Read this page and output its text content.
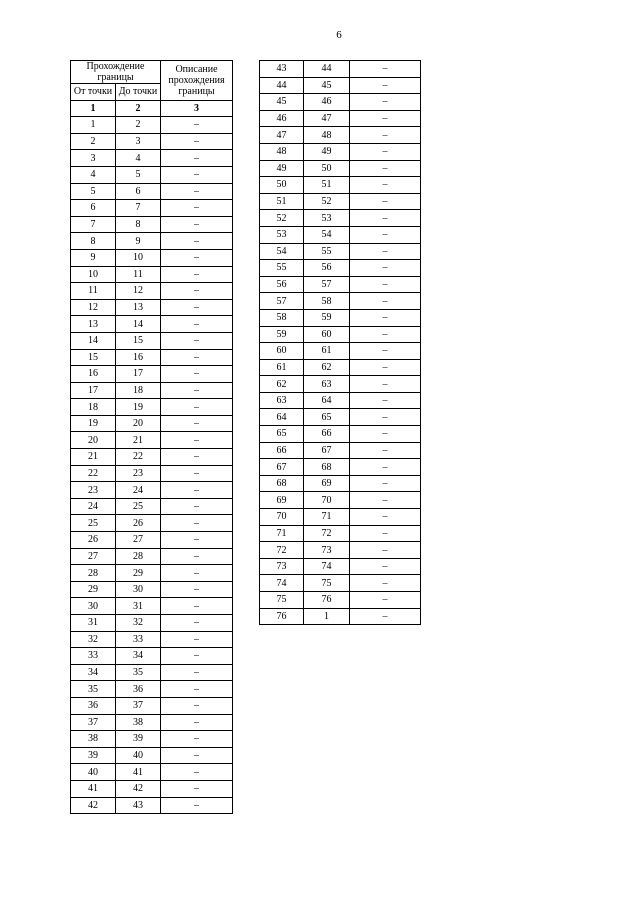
6
Прохождение границы		Описание прохождения границы
От точки	До точки	
1	2	3
1	2	–
2	3	–
3	4	–
4	5	–
5	6	–
6	7	–
7	8	–
8	9	–
9	10	–
10	11	–
11	12	–
12	13	–
13	14	–
14	15	–
15	16	–
16	17	–
17	18	–
18	19	–
19	20	–
20	21	–
21	22	–
22	23	–
23	24	–
24	25	–
25	26	–
26	27	–
27	28	–
28	29	–
29	30	–
30	31	–
31	32	–
32	33	–
33	34	–
34	35	–
35	36	–
36	37	–
37	38	–
38	39	–
39	40	–
40	41	–
41	42	–
42	43	–
43	44	–
44	45	–
45	46	–
46	47	–
47	48	–
48	49	–
49	50	–
50	51	–
51	52	–
52	53	–
53	54	–
54	55	–
55	56	–
56	57	–
57	58	–
58	59	–
59	60	–
60	61	–
61	62	–
62	63	–
63	64	–
64	65	–
65	66	–
66	67	–
67	68	–
68	69	–
69	70	–
70	71	–
71	72	–
72	73	–
73	74	–
74	75	–
75	76	–
76	1	–
